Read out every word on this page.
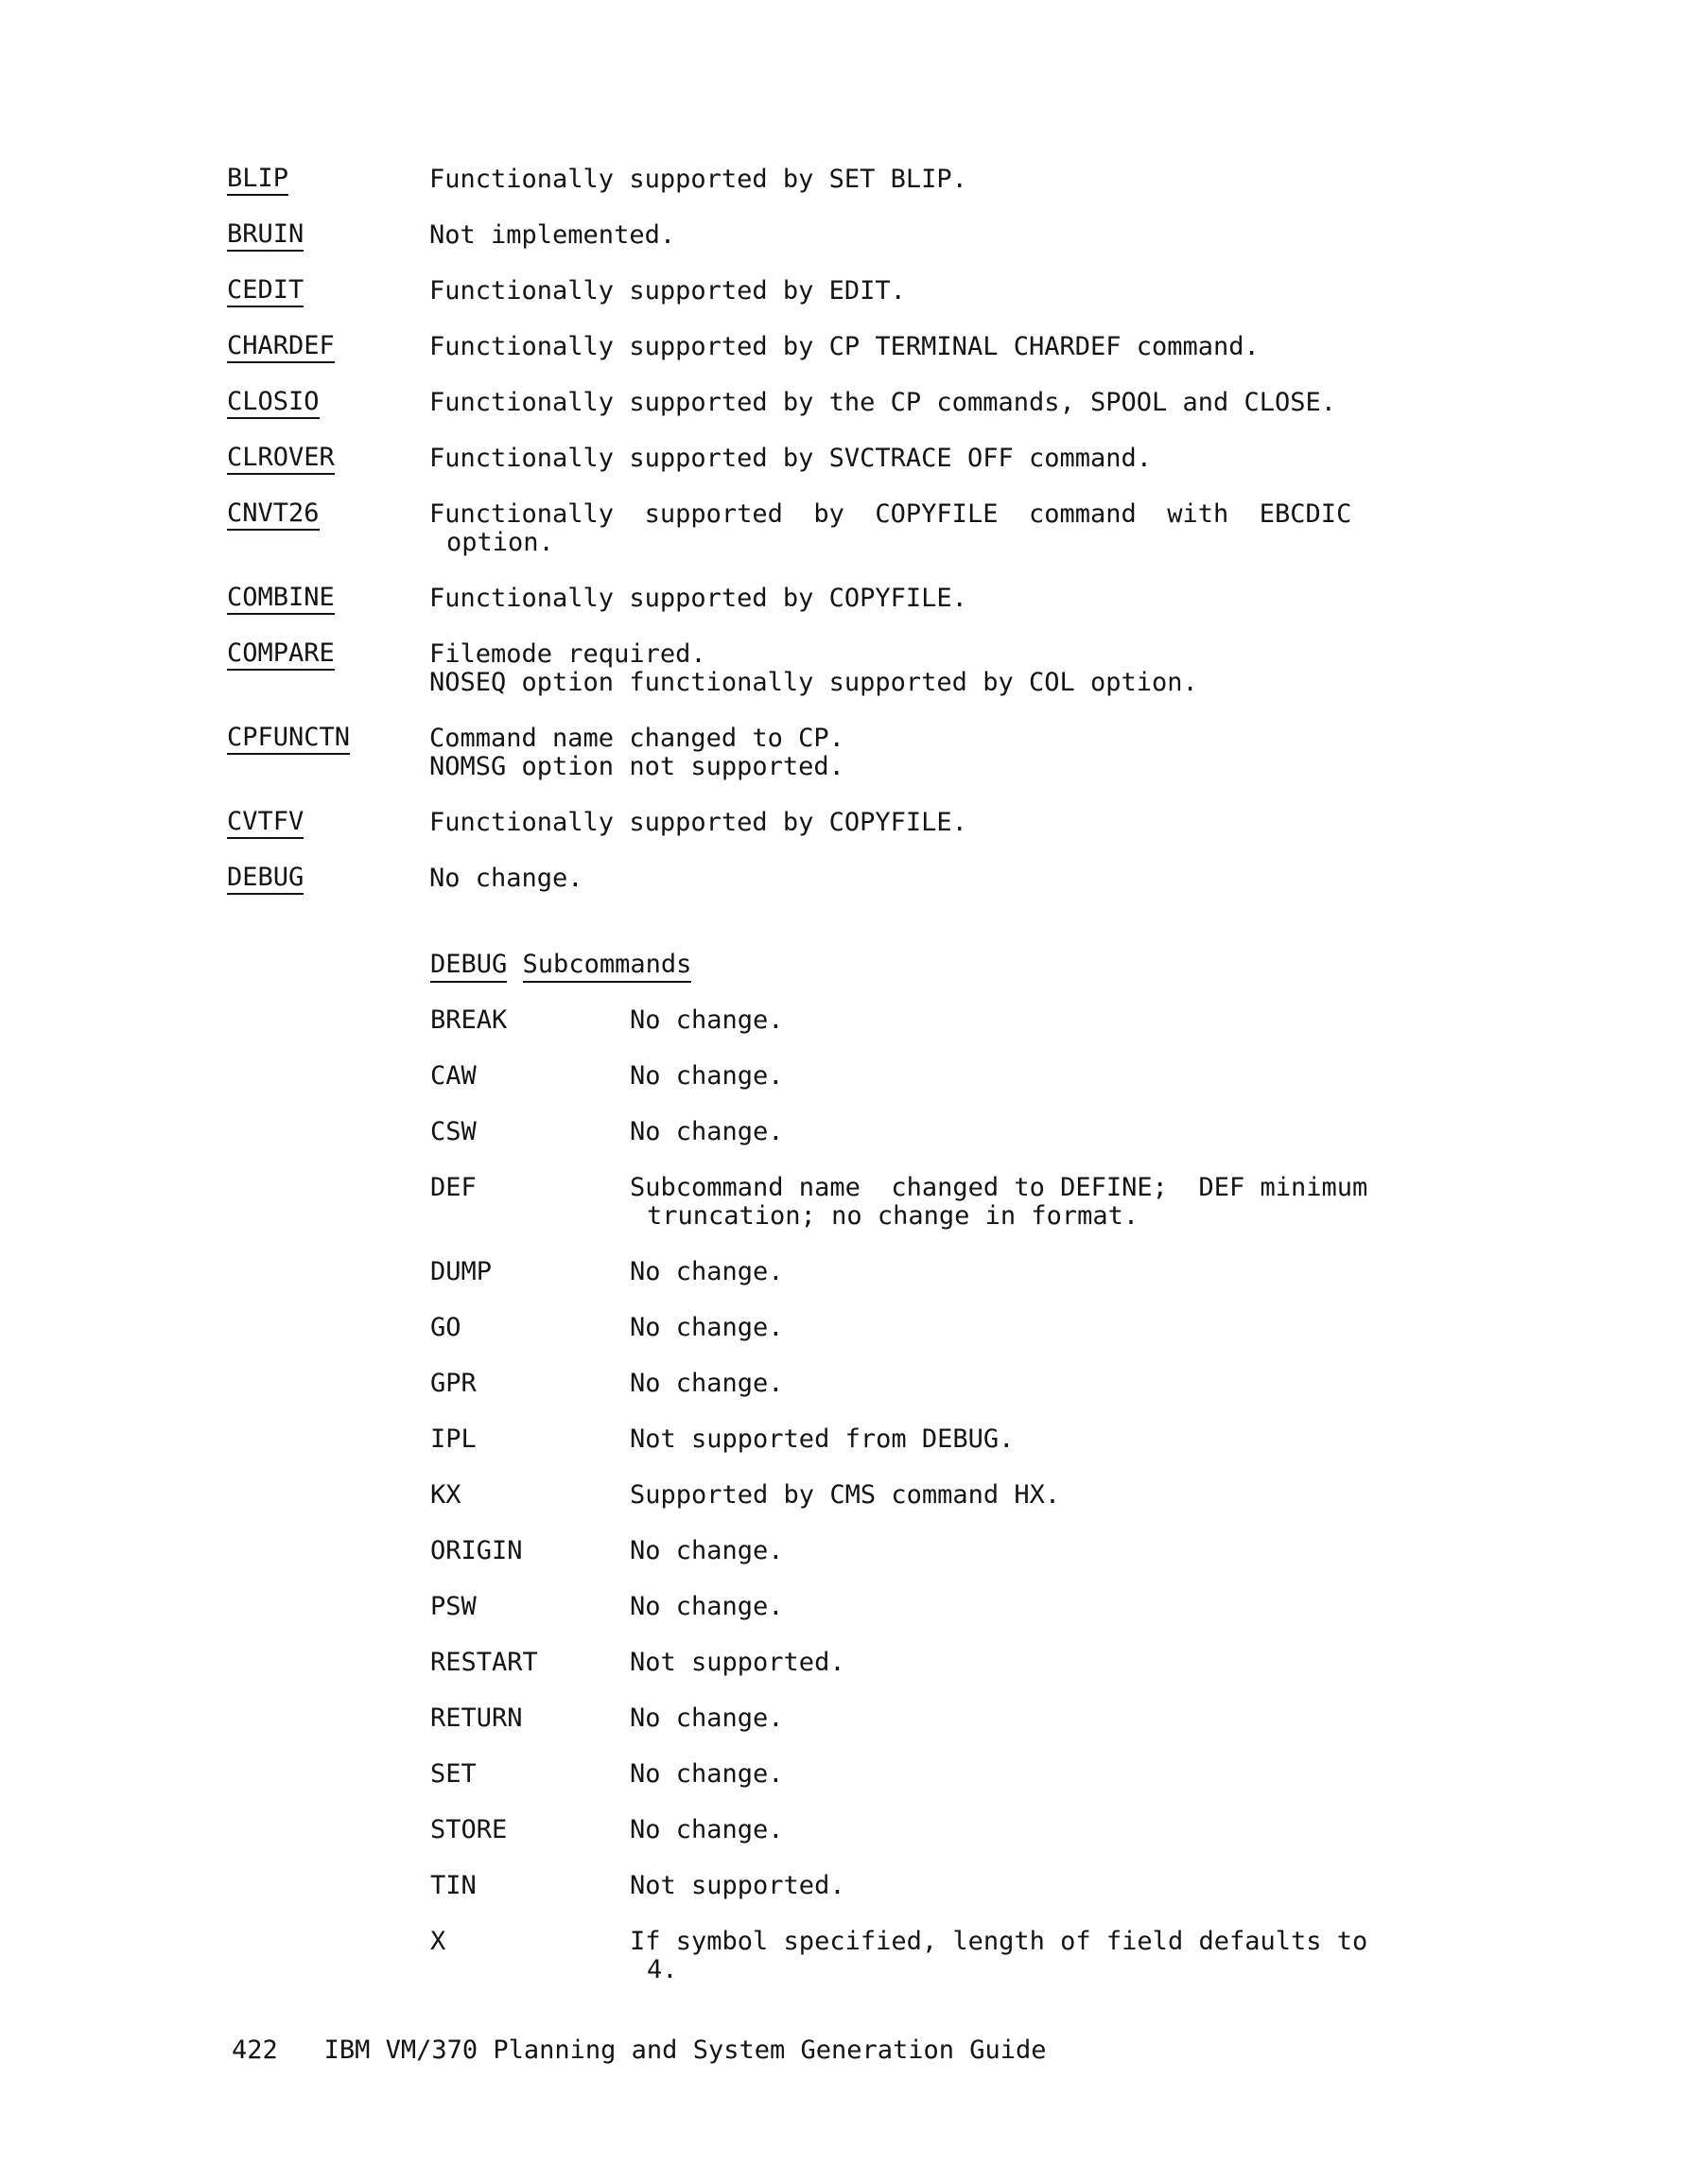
BLIP	Functionally supported by SET BLIP.
BRUIN	Not implemented.
CEDIT	Functionally supported by EDIT.
CHARDEF	Functionally supported by CP TERMINAL CHARDEF command.
CLOSIO	Functionally supported by the CP commands, SPOOL and CLOSE.
CLROVER	Functionally supported by SVCTRACE OFF command.
CNVT26	Functionally  supported  by  COPYFILE  command  with  EBCDIC
option.
COMBINE	Functionally supported by COPYFILE.
COMPARE	Filemode required.
NOSEQ option functionally supported by COL option.
CPFUNCTN	Command name changed to CP.
NOMSG option not supported.
CVTFV	Functionally supported by COPYFILE.
DEBUG	No change.
DEBUG Subcommands
BREAK	No change.
CAW	No change.
CSW	No change.
DEF	Subcommand name  changed to DEFINE;  DEF minimum
truncation; no change in format.
DUMP	No change.
GO	No change.
GPR	No change.
IPL	Not supported from DEBUG.
KX	Supported by CMS command HX.
ORIGIN	No change.
PSW	No change.
RESTART	Not supported.
RETURN	No change.
SET	No change.
STORE	No change.
TIN	Not supported.
X	If symbol specified, length of field defaults to
4.
422 IBM VM/370 Planning and System Generation Guide
